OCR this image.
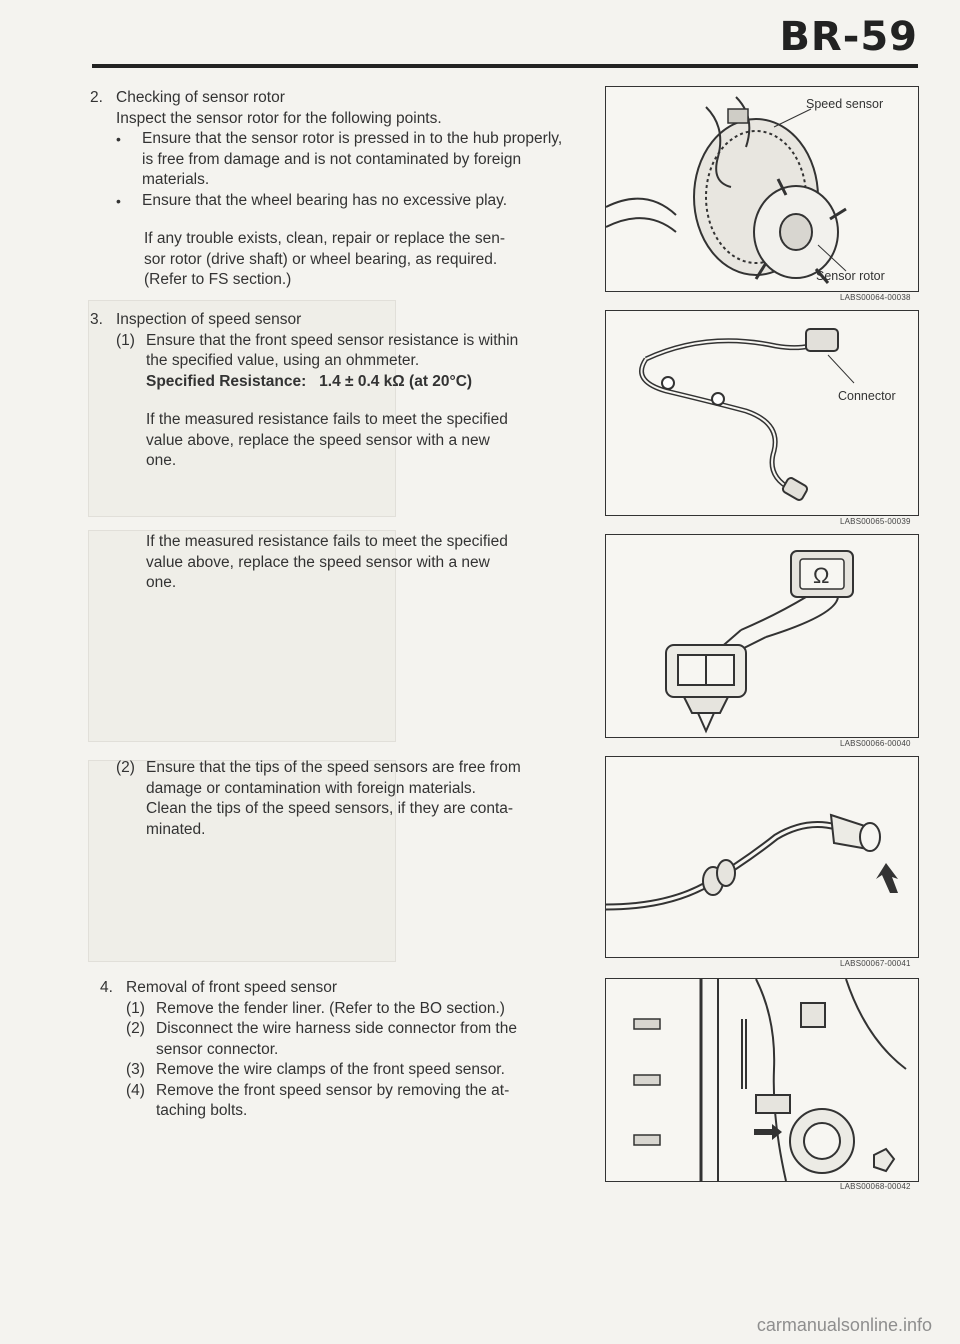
BR-59

2. Checking of sensor rotor

Inspect the sensor rotor for the following points.

• Ensure that the sensor rotor is pressed in to the hub properly, is free from damage and is not contaminated by foreign materials.

• Ensure that the wheel bearing has no excessive play.

If any trouble exists, clean, repair or replace the sen-

sor rotor (drive shaft) or wheel bearing, as required.

(Refer to FS section.)

3. Inspection of speed sensor

(1) Ensure that the front speed sensor resistance is within

the specified value, using an ohmmeter.

Specified Resistance: 1.4 ± 0.4 kΩ (at 20°C)

If the measured resistance fails to meet the specified

value above, replace the speed sensor with a new

one.

If the measured resistance fails to meet the specified

value above, replace the speed sensor with a new

one.

(2) Ensure that the tips of the speed sensors are free from

damage or contamination with foreign materials.

Clean the tips of the speed sensors, if they are conta-

minated.

4. Removal of front speed sensor

(1) Remove the fender liner. (Refer to the BO section.)

(2) Disconnect the wire harness side connector from the

sensor connector.

(3) Remove the wire clamps of the front speed sensor.

(4) Remove the front speed sensor by removing the at-

taching bolts.

Speed sensor
Sensor rotor
LABS00064-00038
Connector
LABS00065-00039
Ω
LABS00066-00040
LABS00067-00041
LABS00068-00042
carmanualsonline.info
